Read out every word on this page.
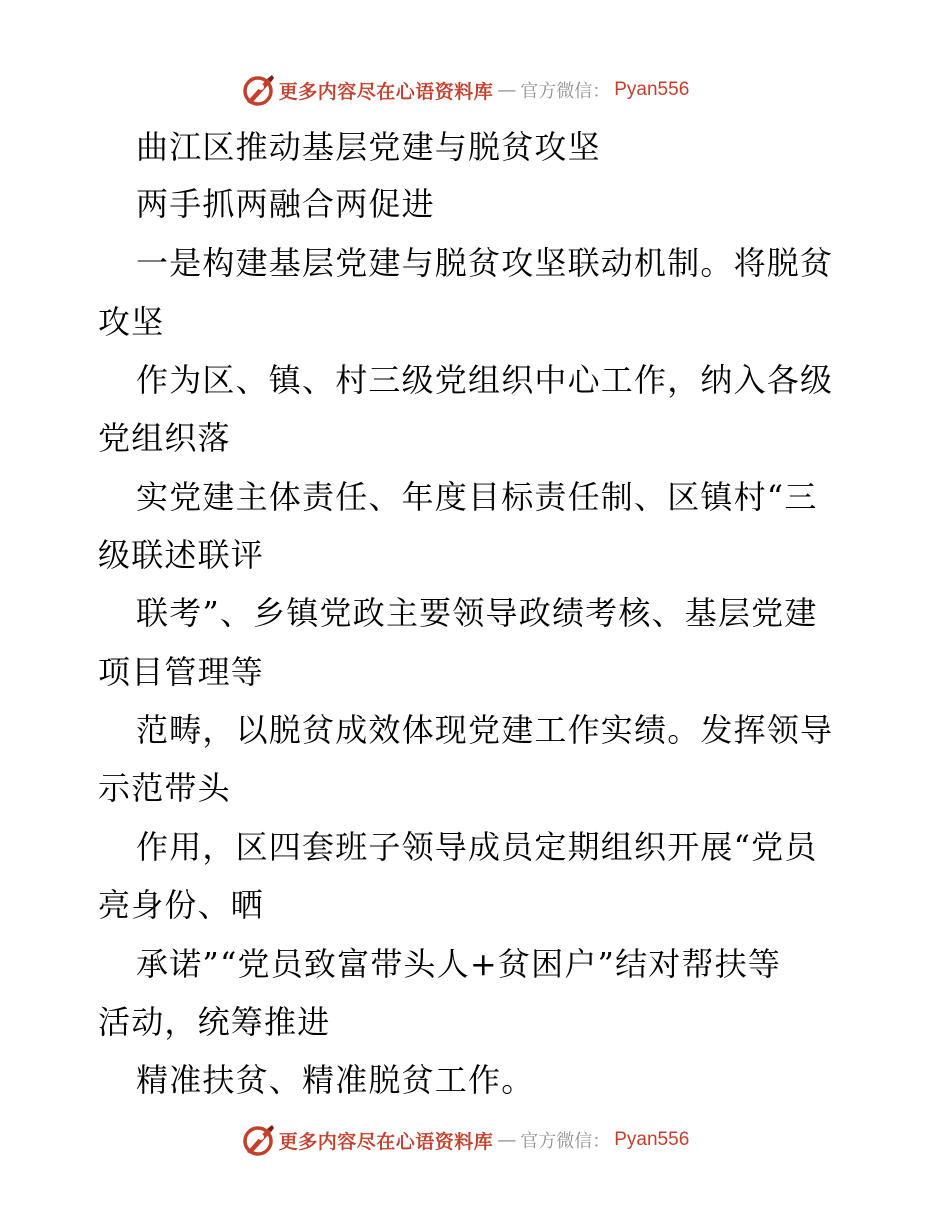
更多内容尽在心语资料库 — 官方微信： Pyan556
曲江区推动基层党建与脱贫攻坚
两手抓两融合两促进
一是构建基层党建与脱贫攻坚联动机制。将脱贫
攻坚
作为区、镇、村三级党组织中心工作，纳入各级
党组织落
实党建主体责任、年度目标责任制、区镇村“三
级联述联评
联考”、乡镇党政主要领导政绩考核、基层党建
项目管理等
范畴，以脱贫成效体现党建工作实绩。发挥领导
示范带头
作用，区四套班子领导成员定期组织开展“党员
亮身份、晒
承诺”“党员致富带头人+贫困户”结对帮扶等
活动，统筹推进
精准扶贫、精准脱贫工作。
更多内容尽在心语资料库 — 官方微信： Pyan556
